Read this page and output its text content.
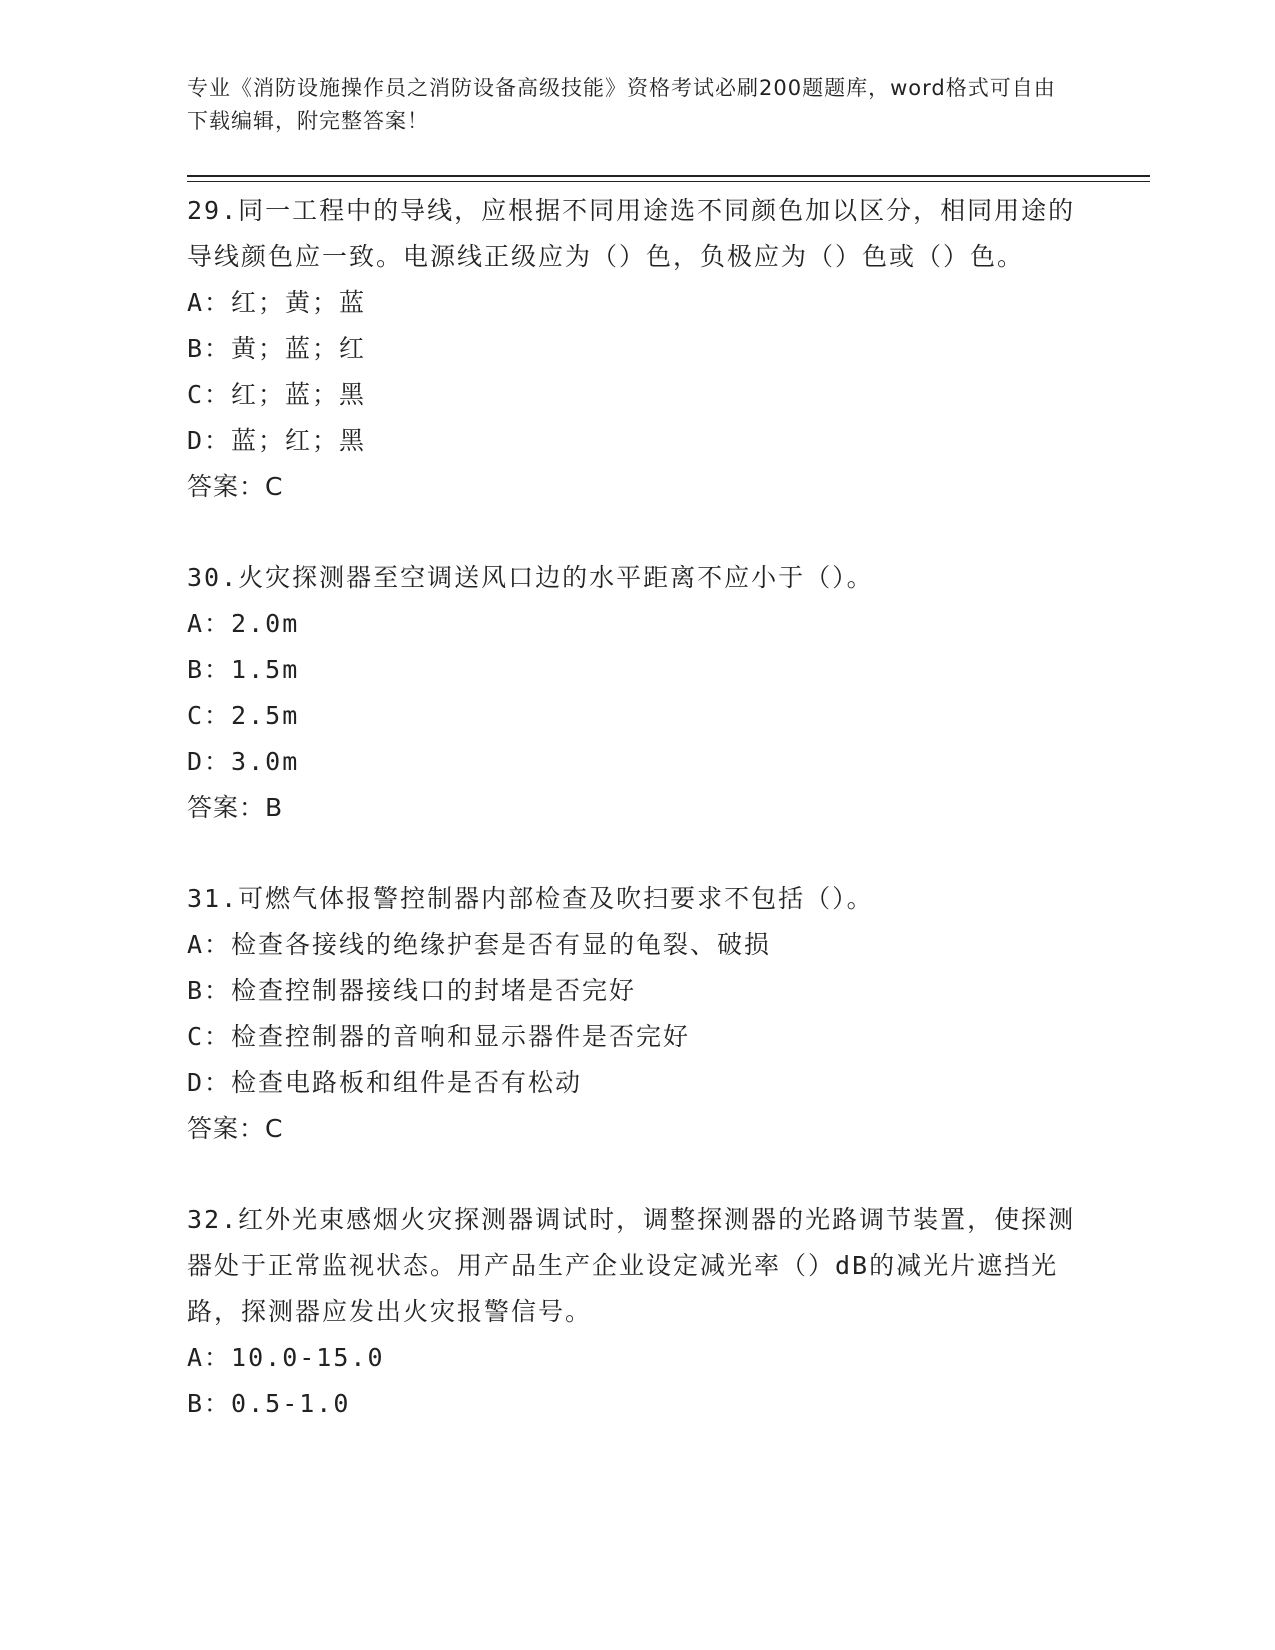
专业《消防设施操作员之消防设备高级技能》资格考试必刷200题题库，word格式可自由下载编辑，附完整答案！
29.同一工程中的导线，应根据不同用途选不同颜色加以区分，相同用途的导线颜色应一致。电源线正级应为（）色，负极应为（）色或（）色。
A：红；黄；蓝
B：黄；蓝；红
C：红；蓝；黑
D：蓝；红；黑
答案：C
30.火灾探测器至空调送风口边的水平距离不应小于（）。
A：2.0m
B：1.5m
C：2.5m
D：3.0m
答案：B
31.可燃气体报警控制器内部检查及吹扫要求不包括（）。
A：检查各接线的绝缘护套是否有显的龟裂、破损
B：检查控制器接线口的封堵是否完好
C：检查控制器的音响和显示器件是否完好
D：检查电路板和组件是否有松动
答案：C
32.红外光束感烟火灾探测器调试时，调整探测器的光路调节装置，使探测器处于正常监视状态。用产品生产企业设定减光率（）dB的减光片遮挡光路，探测器应发出火灾报警信号。
A：10.0-15.0
B：0.5-1.0
